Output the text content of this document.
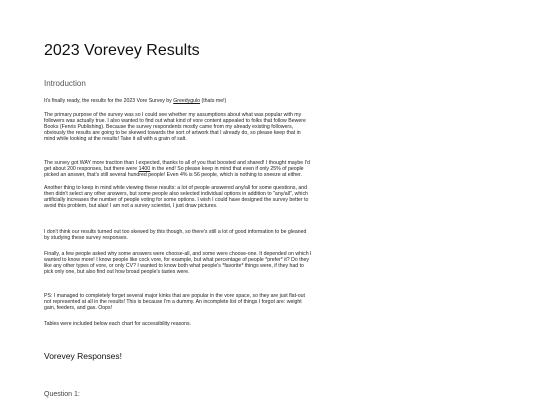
2023 Vorevey Results
Introduction

It's finally ready, the results for the 2023 Vore Survey by Greedygulo (thats me!)

The primary purpose of the survey was so I could see whether my assumptions about what was popular with my followers was actually true. I also wanted to find out what kind of vore content appealed to folks that follow Bewere Books (Fenris Publishing). Because the survey respondents mostly came from my already existing followers, obviously the results are going to be skewed towards the sort of artwork that I already do, so please keep that in mind while looking at the results! Take it all with a grain of salt.

The survey got WAY more traction than I expected, thanks to all of you that boosted and shared! I thought maybe I'd get about 200 responses, but there were 1400 in the end! So please keep in mind that even if only 25% of people picked an answer, that's still several hundred people! Even 4% is 56 people, which is nothing to sneeze at either.

Another thing to keep in mind while viewing these results: a lot of people answered any/all for some questions, and then didn't select any other answers, but some people also selected individual options in addition to "any/all", which artificially increases the number of people voting for some options. I wish I could have designed the survey better to avoid this problem, but alas! I am not a survey scientist, I just draw pictures.

I don't think our results turned out too skewed by this though, so there's still a lot of good information to be gleaned by studying these survey responses.

Finally, a few people asked why some answers were choose-all, and some were choose-one. It depended on which I wanted to know more! I know people like cock vore, for example, but what percentage of people *prefer* it? Do they like any other types of vore, or only CV? I wanted to know both what people's *favorite* things were, if they had to pick only one, but also find out how broad people's tastes were.

PS: I managed to completely forget several major kinks that are popular in the vore space, so they are just flat-out not represented at all in the results! This is because I'm a dummy. An incomplete list of things I forgot are: weight gain, feeders, and gas. Oops!

Tables were included below each chart for accessibility reasons.

Vorevey Responses!
Question 1:
